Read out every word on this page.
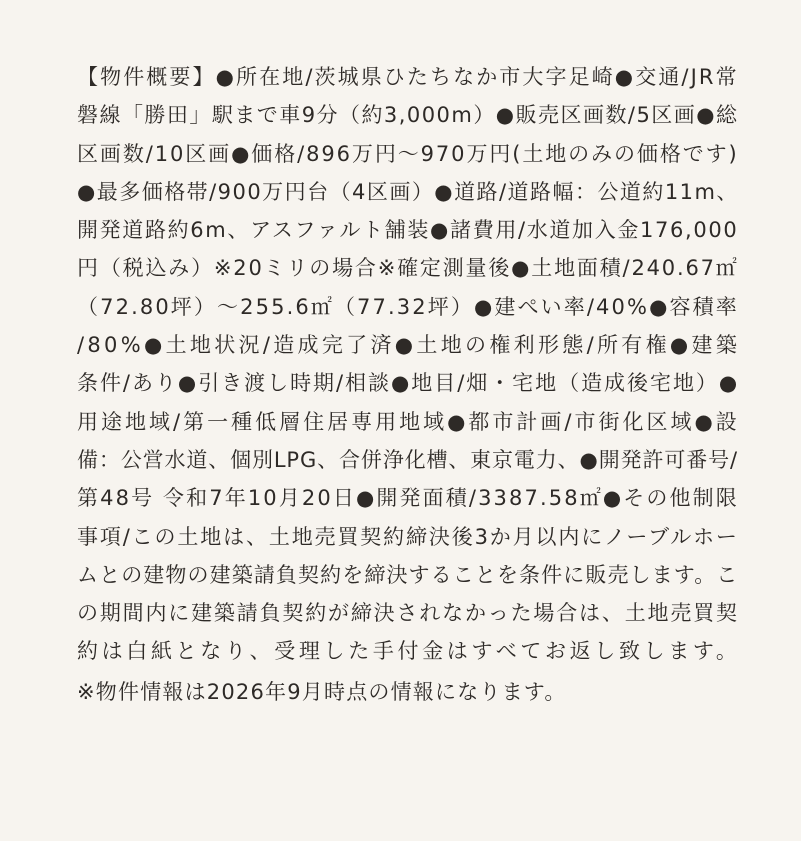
【物件概要】●所在地/茨城県ひたちなか市大字足崎●交通/JR常
磐線「勝田」駅まで車9分（約3,000m）●販売区画数/5区画●総
区画数/10区画●価格/896万円～970万円(土地のみの価格です)
●最多価格帯/900万円台（4区画）●道路/道路幅：公道約11m、
開発道路約6m、アスファルト舗装●諸費用/水道加入金176,000
円（税込み）※20ミリの場合※確定測量後●土地面積/240.67㎡
（72.80坪）～255.6㎡（77.32坪）●建ぺい率/40%●容積率
/80%●土地状況/造成完了済●土地の権利形態/所有権●建築
条件/あり●引き渡し時期/相談●地目/畑・宅地（造成後宅地）●
用途地域/第一種低層住居専用地域●都市計画/市街化区域●設
備：公営水道、個別LPG、合併浄化槽、東京電力、●開発許可番号/
第48号 令和7年10月20日●開発面積/3387.58㎡●その他制限
事項/この土地は、土地売買契約締決後3か月以内にノーブルホー
ムとの建物の建築請負契約を締決することを条件に販売します。こ
の期間内に建築請負契約が締決されなかった場合は、土地売買契
約は白紙となり、受理した手付金はすべてお返し致します。
※物件情報は2026年9月時点の情報になります。
